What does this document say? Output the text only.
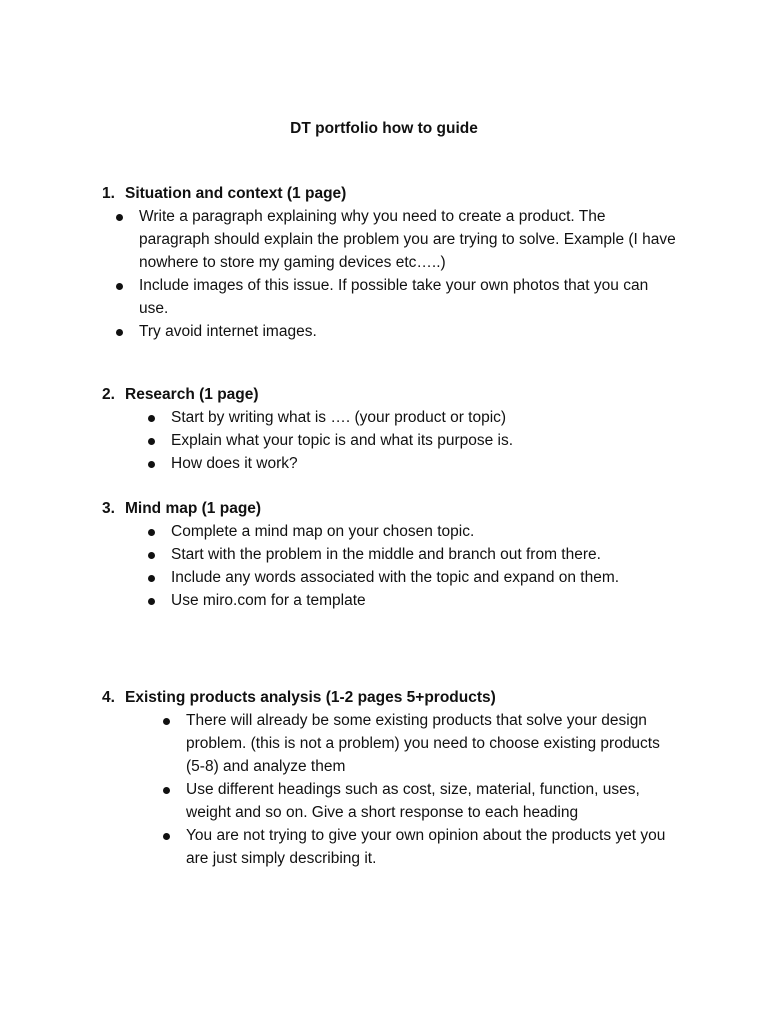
DT portfolio how to guide
1. Situation and context (1 page)
Write a paragraph explaining why you need to create a product. The paragraph should explain the problem you are trying to solve. Example (I have nowhere to store my gaming devices etc…..)
Include images of this issue. If possible take your own photos that you can use.
Try avoid internet images.
2. Research (1 page)
Start by writing what is …. (your product or topic)
Explain what your topic is and what its purpose is.
How does it work?
3. Mind map (1 page)
Complete a mind map on your chosen topic.
Start with the problem in the middle and branch out from there.
Include any words associated with the topic and expand on them.
Use miro.com for a template
4. Existing products analysis (1-2 pages 5+products)
There will already be some existing products that solve your design problem. (this is not a problem) you need to choose existing products (5-8) and analyze them
Use different headings such as cost, size, material, function, uses, weight and so on. Give a short response to each heading
You are not trying to give your own opinion about the products yet you are just simply describing it.
